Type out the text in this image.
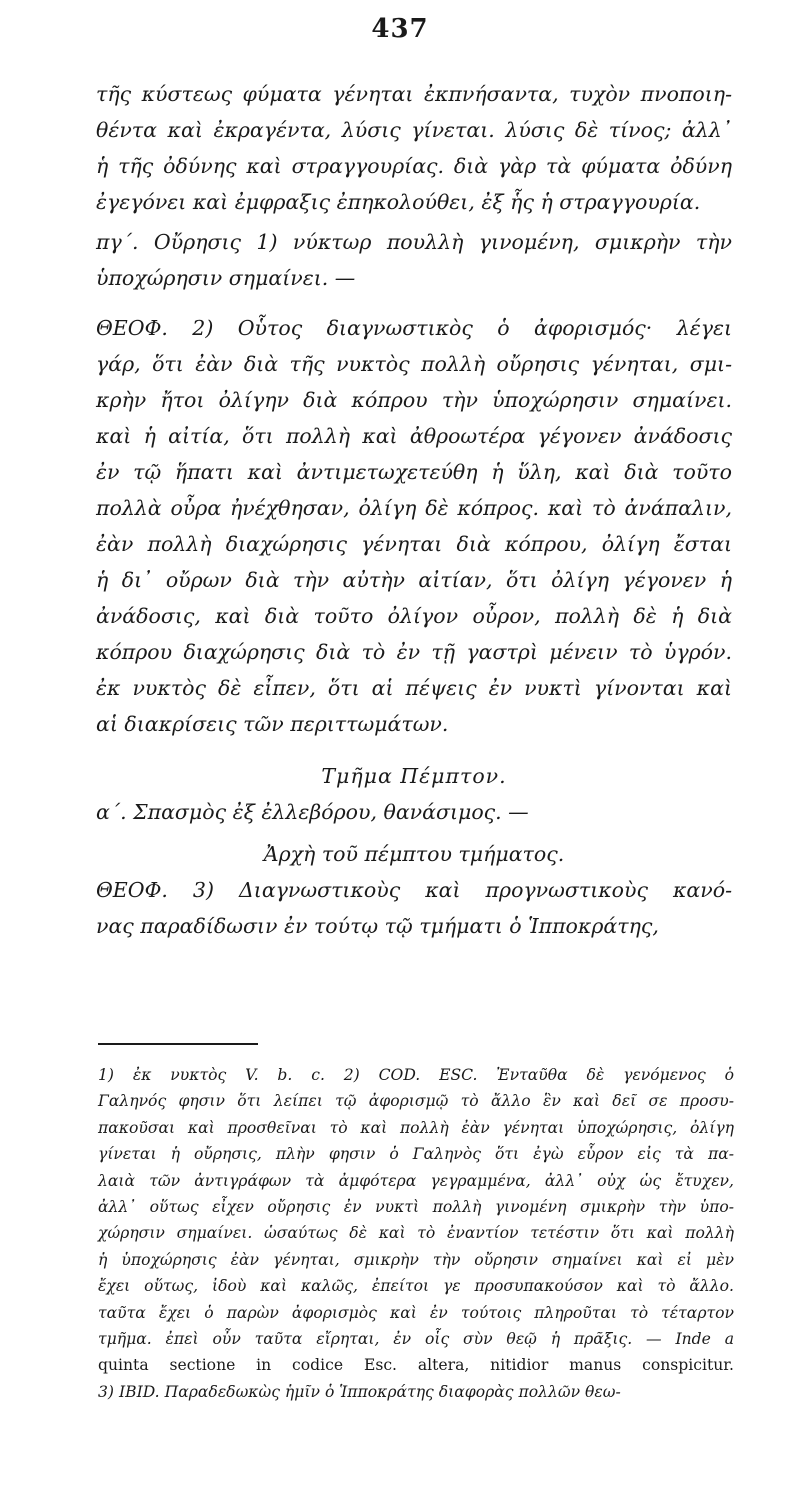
437
τῆς κύστεως φύματα γένηται ἐκπνήσαντα, τυχὸν πνοποιη-
θέντα καὶ ἐκραγέντα, λύσις γίνεται. λύσις δὲ τίνος; ἀλλ᾽
ἡ τῆς ὀδύνης καὶ στραγγουρίας. διὰ γὰρ τὰ φύματα ὀδύνη
ἐγεγόνει καὶ ἐμφραξις ἐπηκολούθει, ἐξ ἧς ἡ στραγγουρία.
πγ´. Οὔρησις 1) νύκτωρ πουλλὴ γινομένη, σμικρὴν τὴν
ὑποχώρησιν σημαίνει. —
ΘΕΟΦ. 2) Οὗτος διαγνωστικὸς ὁ ἀφορισμός· λέγει
γάρ, ὅτι ἐὰν διὰ τῆς νυκτὸς πολλὴ οὔρησις γένηται, σμι-
κρὴν ἤτοι ὀλίγην διὰ κόπρου τὴν ὑποχώρησιν σημαίνει.
καὶ ἡ αἰτία, ὅτι πολλὴ καὶ ἀθροωτέρα γέγονεν ἀνάδοσις
ἐν τῷ ἥπατι καὶ ἀντιμετωχετεύθη ἡ ὕλη, καὶ διὰ τοῦτο
πολλὰ οὖρα ἠνέχθησαν, ὀλίγη δὲ κόπρος. καὶ τὸ ἀνάπαλιν,
ἐὰν πολλὴ διαχώρησις γένηται διὰ κόπρου, ὀλίγη ἔσται
ἡ δι᾽ οὔρων διὰ τὴν αὐτὴν αἰτίαν, ὅτι ὀλίγη γέγονεν ἡ
ἀνάδοσις, καὶ διὰ τοῦτο ὀλίγον οὖρον, πολλὴ δὲ ἡ διὰ
κόπρου διαχώρησις διὰ τὸ ἐν τῇ γαστρὶ μένειν τὸ ὑγρόν.
ἐκ νυκτὸς δὲ εἶπεν, ὅτι αἱ πέψεις ἐν νυκτὶ γίνονται καὶ
αἱ διακρίσεις τῶν περιττωμάτων.
Τμῆμα Πέμπτον.
α´. Σπασμὸς ἐξ ἐλλεβόρου, θανάσιμος. —
Ἀρχὴ τοῦ πέμπτου τμήματος.
ΘΕΟΦ. 3) Διαγνωστικοὺς καὶ προγνωστικοὺς κανό-
νας παραδίδωσιν ἐν τούτῳ τῷ τμήματι ὁ Ἱπποκράτης,
1) ἐκ νυκτὸς V. b. c. 2) COD. ESC. Ἐνταῦθα δὲ γενόμενος ὁ
Γαληνός φησιν ὅτι λείπει τῷ ἀφορισμῷ τὸ ἄλλο ἓν καὶ δεῖ σε προσυ-
πακοῦσαι καὶ προσθεῖναι τὸ καὶ πολλὴ ἐὰν γένηται ὑποχώρησις, ὀλίγη
γίνεται ἡ οὔρησις, πλὴν φησιν ὁ Γαληνὸς ὅτι ἐγὼ εὗρον εἰς τὰ πα-
λαιὰ τῶν ἀντιγράφων τὰ ἀμφότερα γεγραμμένα, ἀλλ᾽ οὐχ ὡς ἔτυχεν,
ἀλλ᾽ οὕτως εἶχεν οὔρησις ἐν νυκτὶ πολλὴ γινομένη σμικρὴν τὴν ὑπο-
χώρησιν σημαίνει. ὡσαύτως δὲ καὶ τὸ ἐναντίον τετέστιν ὅτι καὶ πολλὴ
ἡ ὑποχώρησις ἐὰν γένηται, σμικρὴν τὴν οὔρησιν σημαίνει καὶ εἰ μὲν
ἔχει οὕτως, ἰδοὺ καὶ καλῶς, ἐπείτοι γε προσυπακούσον καὶ τὸ ἄλλο.
ταῦτα ἔχει ὁ παρὼν ἀφορισμὸς καὶ ἐν τούτοις πληροῦται τὸ τέταρτον
τμῆμα. ἐπεὶ οὖν ταῦτα εἴρηται, ἐν οἷς σὺν θεῷ ἡ πρᾶξις. — Inde a
quinta sectione in codice Esc. altera, nitidior manus conspicitur.
3) IBID. Παραδεδωκὼς ἡμῖν ὁ Ἱπποκράτης διαφορὰς πολλῶν θεω-
